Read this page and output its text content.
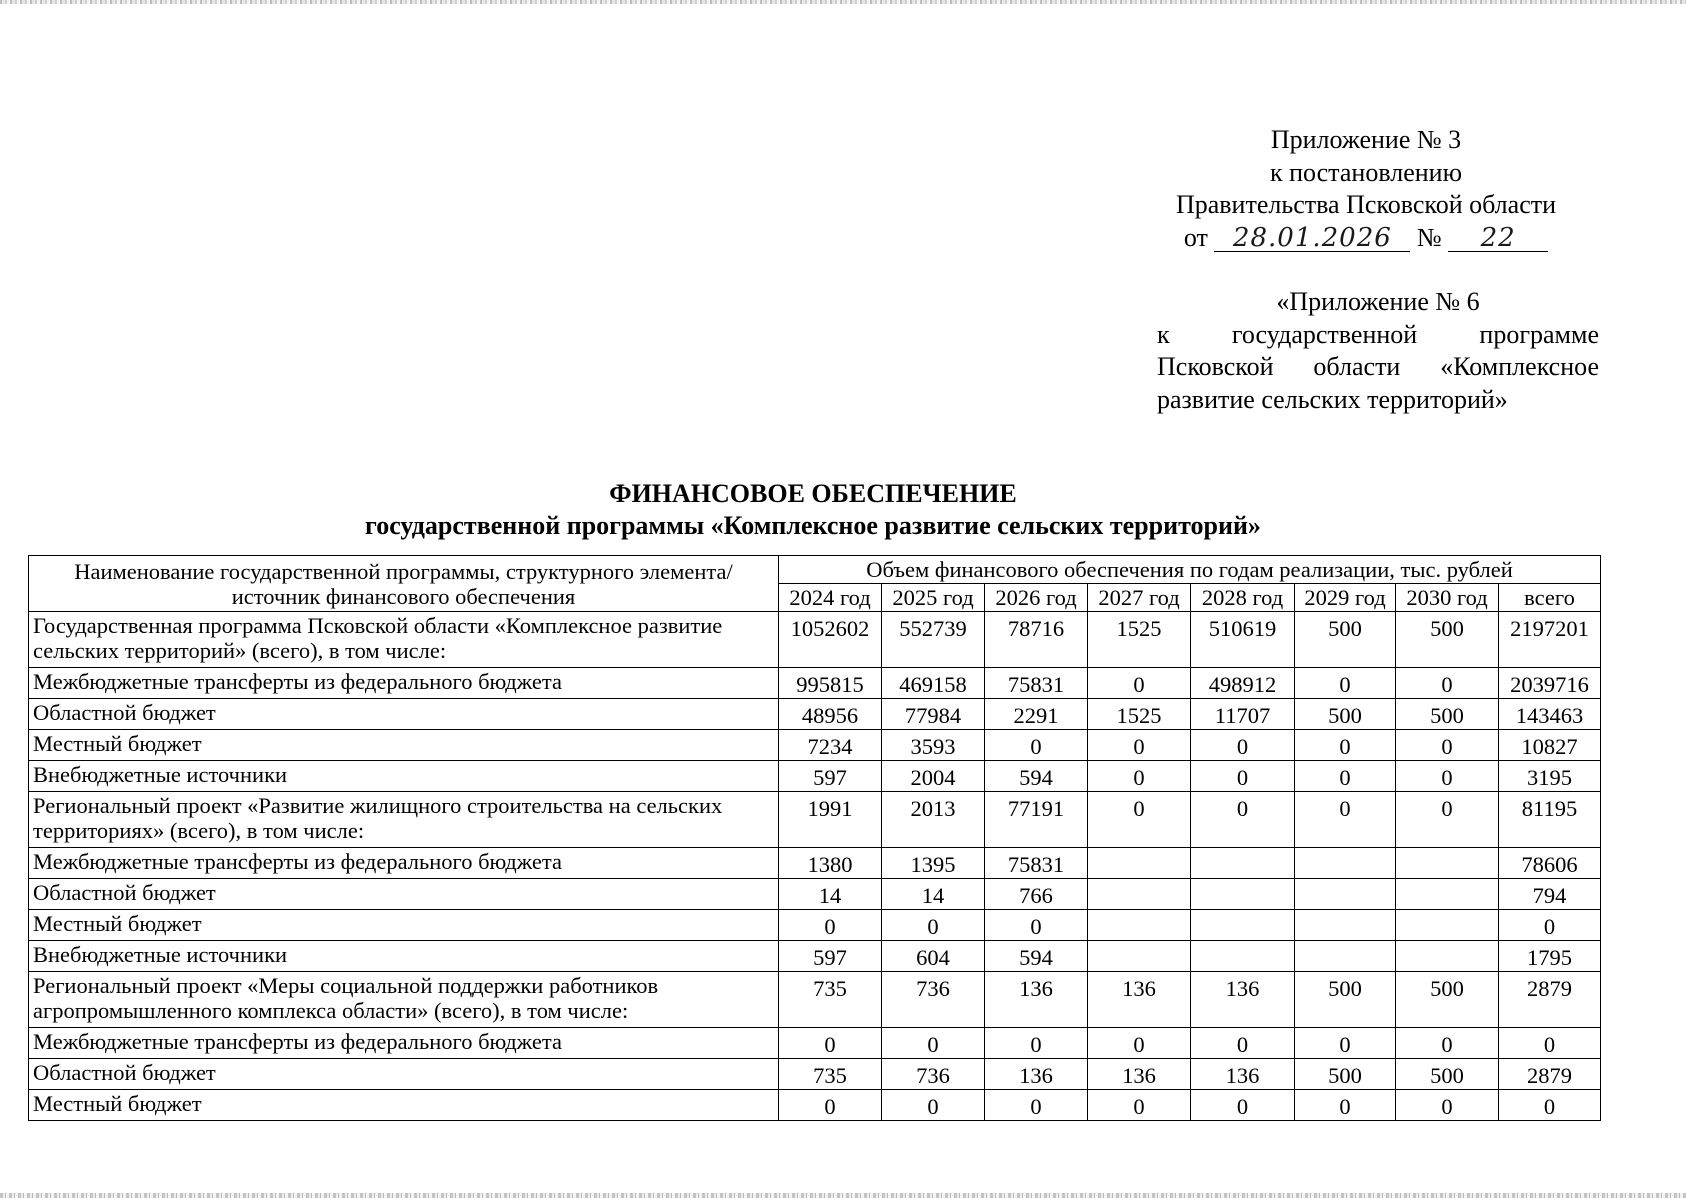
Приложение № 3
к постановлению
Правительства Псковской области
от 28.01.2026 № 22
«Приложение № 6
к государственной программе Псковской области «Комплексное развитие сельских территорий»
ФИНАНСОВОЕ ОБЕСПЕЧЕНИЕ
государственной программы «Комплексное развитие сельских территорий»
Наименование государственной программы, структурного элемента/источник финансового обеспечения	Объем финансового обеспечения по годам реализации, тыс. рублей							
	2024 год	2025 год	2026 год	2027 год	2028 год	2029 год	2030 год	всего
Государственная программа Псковской области «Комплексное развитие сельских территорий» (всего), в том числе:	1052602	552739	78716	1525	510619	500	500	2197201
Межбюджетные трансферты из федерального бюджета	995815	469158	75831	0	498912	0	0	2039716
Областной бюджет	48956	77984	2291	1525	11707	500	500	143463
Местный бюджет	7234	3593	0	0	0	0	0	10827
Внебюджетные источники	597	2004	594	0	0	0	0	3195
Региональный проект «Развитие жилищного строительства на сельских территориях» (всего), в том числе:	1991	2013	77191	0	0	0	0	81195
Межбюджетные трансферты из федерального бюджета	1380	1395	75831					78606
Областной бюджет	14	14	766					794
Местный бюджет	0	0	0					0
Внебюджетные источники	597	604	594					1795
Региональный проект «Меры социальной поддержки работников агропромышленного комплекса области» (всего), в том числе:	735	736	136	136	136	500	500	2879
Межбюджетные трансферты из федерального бюджета	0	0	0	0	0	0	0	0
Областной бюджет	735	736	136	136	136	500	500	2879
Местный бюджет	0	0	0	0	0	0	0	0
